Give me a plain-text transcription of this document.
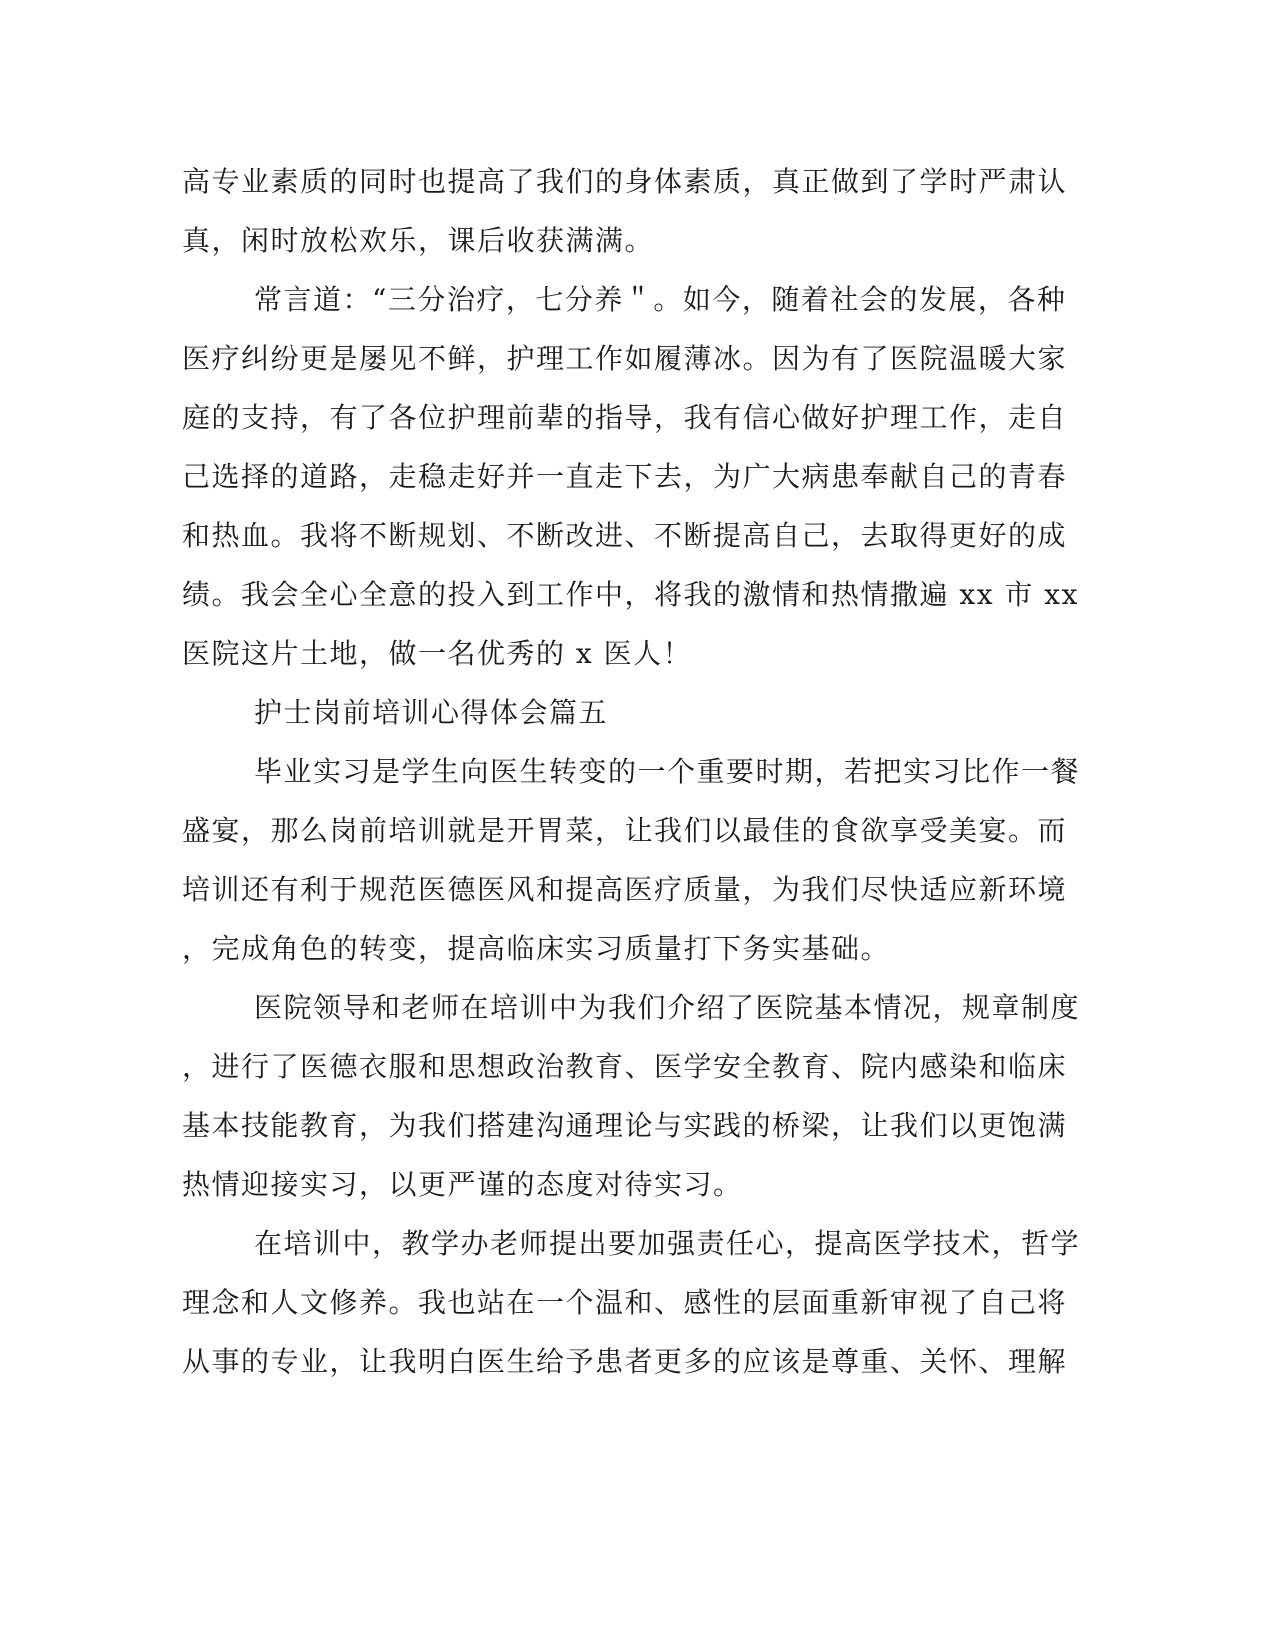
高专业素质的同时也提高了我们的身体素质，真正做到了学时严肃认
真，闲时放松欢乐，课后收获满满。
常言道：“三分治疗，七分养＂。如今，随着社会的发展，各种
医疗纠纷更是屡见不鲜，护理工作如履薄冰。因为有了医院温暖大家
庭的支持，有了各位护理前辈的指导，我有信心做好护理工作，走自
己选择的道路，走稳走好并一直走下去，为广大病患奉献自己的青春
和热血。我将不断规划、不断改进、不断提高自己，去取得更好的成
绩。我会全心全意的投入到工作中，将我的激情和热情撒遍 xx 市 xx
医院这片土地，做一名优秀的 x 医人！
护士岗前培训心得体会篇五
毕业实习是学生向医生转变的一个重要时期，若把实习比作一餐
盛宴，那么岗前培训就是开胃菜，让我们以最佳的食欲享受美宴。而
培训还有利于规范医德医风和提高医疗质量，为我们尽快适应新环境
，完成角色的转变，提高临床实习质量打下务实基础。
医院领导和老师在培训中为我们介绍了医院基本情况，规章制度
，进行了医德衣服和思想政治教育、医学安全教育、院内感染和临床
基本技能教育，为我们搭建沟通理论与实践的桥梁，让我们以更饱满
热情迎接实习，以更严谨的态度对待实习。
在培训中，教学办老师提出要加强责任心，提高医学技术，哲学
理念和人文修养。我也站在一个温和、感性的层面重新审视了自己将
从事的专业，让我明白医生给予患者更多的应该是尊重、关怀、理解
